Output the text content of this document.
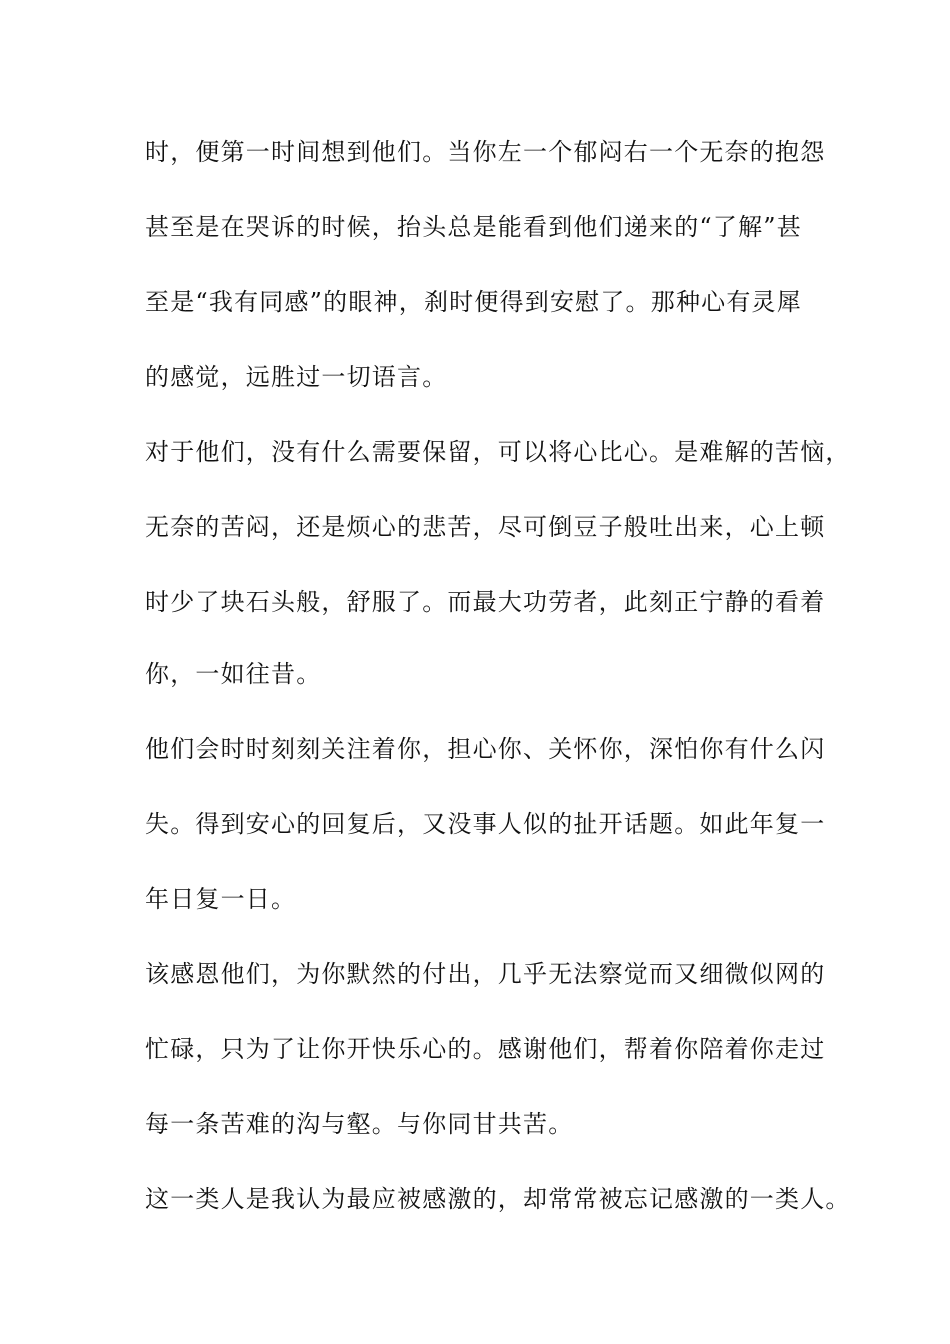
时，便第一时间想到他们。当你左一个郁闷右一个无奈的抱怨
甚至是在哭诉的时候，抬头总是能看到他们递来的“了解”甚
至是“我有同感”的眼神，刹时便得到安慰了。那种心有灵犀
的感觉，远胜过一切语言。
对于他们，没有什么需要保留，可以将心比心。是难解的苦恼，
无奈的苦闷，还是烦心的悲苦，尽可倒豆子般吐出来，心上顿
时少了块石头般，舒服了。而最大功劳者，此刻正宁静的看着
你，一如往昔。
他们会时时刻刻关注着你，担心你、关怀你，深怕你有什么闪
失。得到安心的回复后，又没事人似的扯开话题。如此年复一
年日复一日。
该感恩他们，为你默然的付出，几乎无法察觉而又细微似网的
忙碌，只为了让你开快乐心的。感谢他们，帮着你陪着你走过
每一条苦难的沟与壑。与你同甘共苦。
这一类人是我认为最应被感激的，却常常被忘记感激的一类人。
